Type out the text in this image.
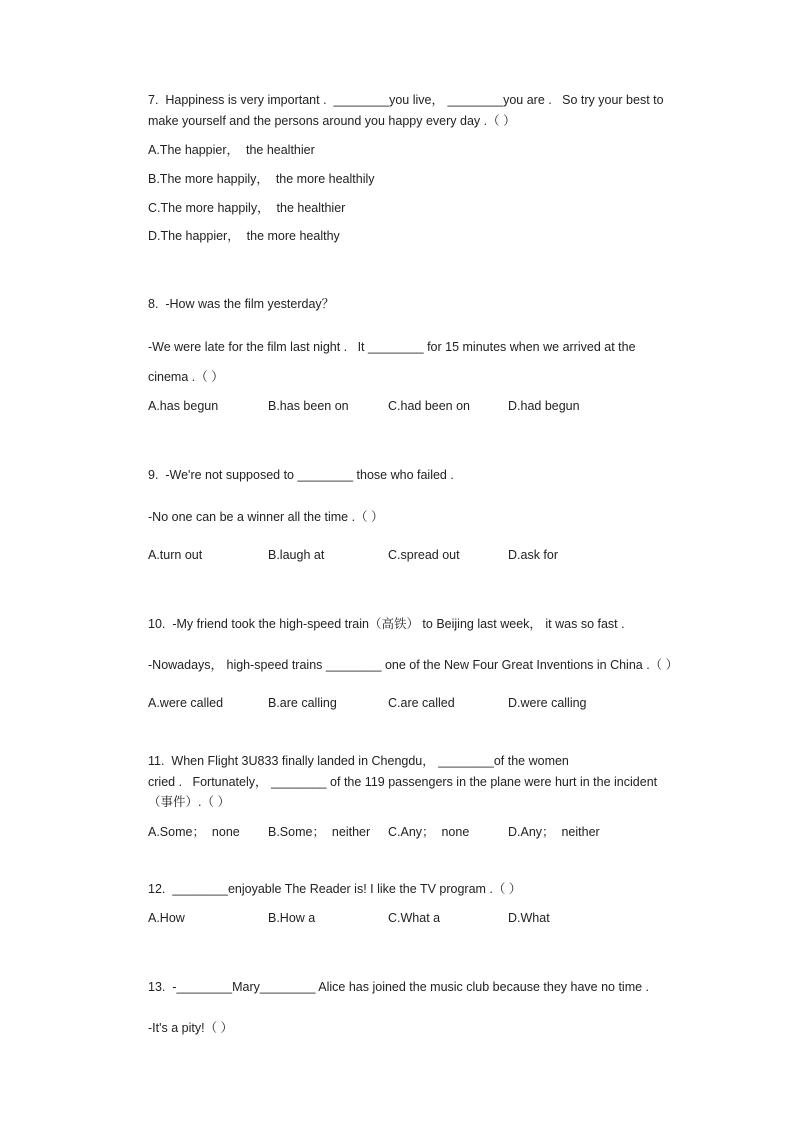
7.  Happiness is very important .  ________you live， ________you are .   So try your best to
make yourself and the persons around you happy every day .（ ）
A.The happier，  the healthier
B.The more happily，  the more healthily
C.The more happily，  the healthier
D.The happier，  the more healthy
8.  -How was the film yesterday？
-We were late for the film last night .   It ________ for 15 minutes when we arrived at the
cinema .（ ）
A.has begun	B.has been on	C.had been on	D.had begun
9.  -We're not supposed to ________ those who failed .
-No one can be a winner all the time .（ ）
A.turn out	B.laugh at	C.spread out	D.ask for
10.  -My friend took the high-speed train（高铁） to Beijing last week， it was so fast .
-Nowadays， high-speed trains ________ one of the New Four Great Inventions in China .（ ）
A.were called	B.are calling	C.are called	D.were calling
11.  When Flight 3U833 finally landed in Chengdu， ________of the women
cried .   Fortunately， ________ of the 119 passengers in the plane were hurt in the incident
（事件）.（ ）
A.Some；  none B.Some；  neither C.Any；  none	D.Any；  neither
12.  ________enjoyable The Reader is! I like the TV program .（ ）
A.How	B.How a	C.What a	D.What
13.  -________Mary________ Alice has joined the music club because they have no time .
-It's a pity!（ ）
